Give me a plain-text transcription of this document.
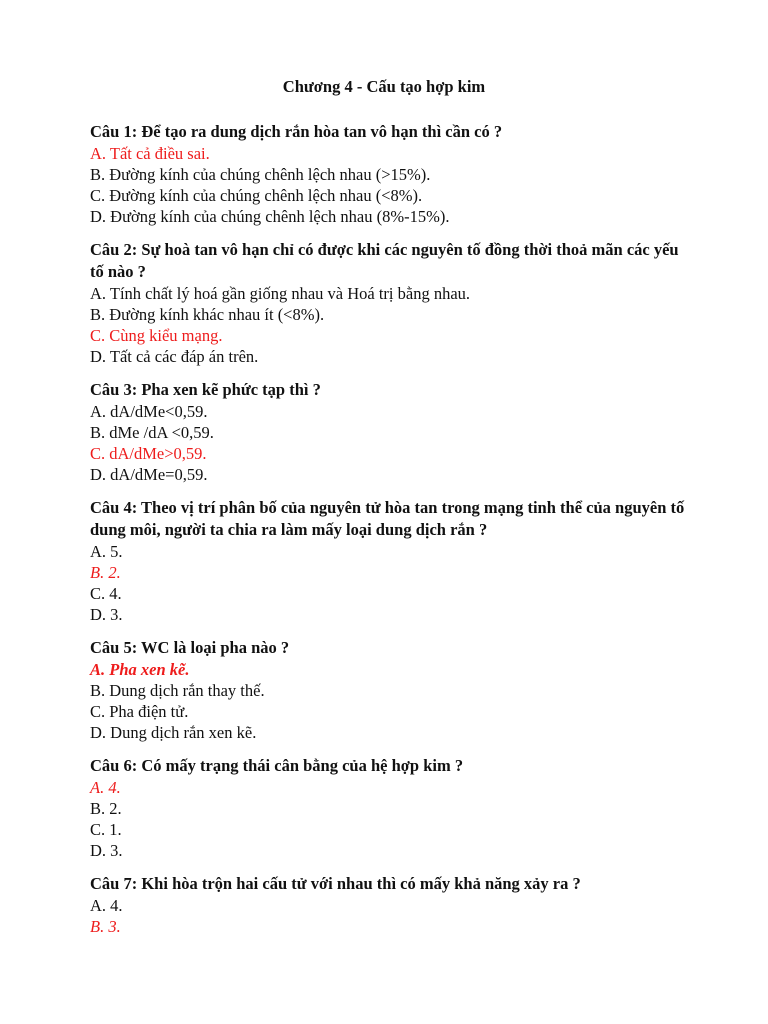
Chương 4 - Cấu tạo hợp kim
Câu 1: Để tạo ra dung dịch rắn hòa tan vô hạn thì cần có ?
A. Tất cả điều sai.
B. Đường kính của chúng chênh lệch nhau (>15%).
C. Đường kính của chúng chênh lệch nhau (<8%).
D. Đường kính của chúng chênh lệch nhau (8%-15%).
Câu 2: Sự hoà tan vô hạn chỉ có được khi các nguyên tố đồng thời thoả mãn các yếu tố nào ?
A. Tính chất lý hoá gần giống nhau và Hoá trị bằng nhau.
B. Đường kính khác nhau ít (<8%).
C. Cùng kiểu mạng.
D. Tất cả các đáp án trên.
Câu 3: Pha xen kẽ phức tạp thì ?
A. dA/dMe<0,59.
B. dMe /dA <0,59.
C. dA/dMe>0,59.
D. dA/dMe=0,59.
Câu 4: Theo vị trí phân bố của nguyên tử hòa tan trong mạng tinh thể của nguyên tố dung môi, người ta chia ra làm mấy loại dung dịch rắn ?
A. 5.
B. 2.
C. 4.
D. 3.
Câu 5: WC là loại pha nào ?
A. Pha xen kẽ.
B. Dung dịch rắn thay thế.
C. Pha điện tử.
D. Dung dịch rắn xen kẽ.
Câu 6: Có mấy trạng thái cân bằng của hệ hợp kim ?
A. 4.
B. 2.
C. 1.
D. 3.
Câu 7: Khi hòa trộn hai cấu tử với nhau thì có mấy khả năng xảy ra ?
A. 4.
B. 3.
